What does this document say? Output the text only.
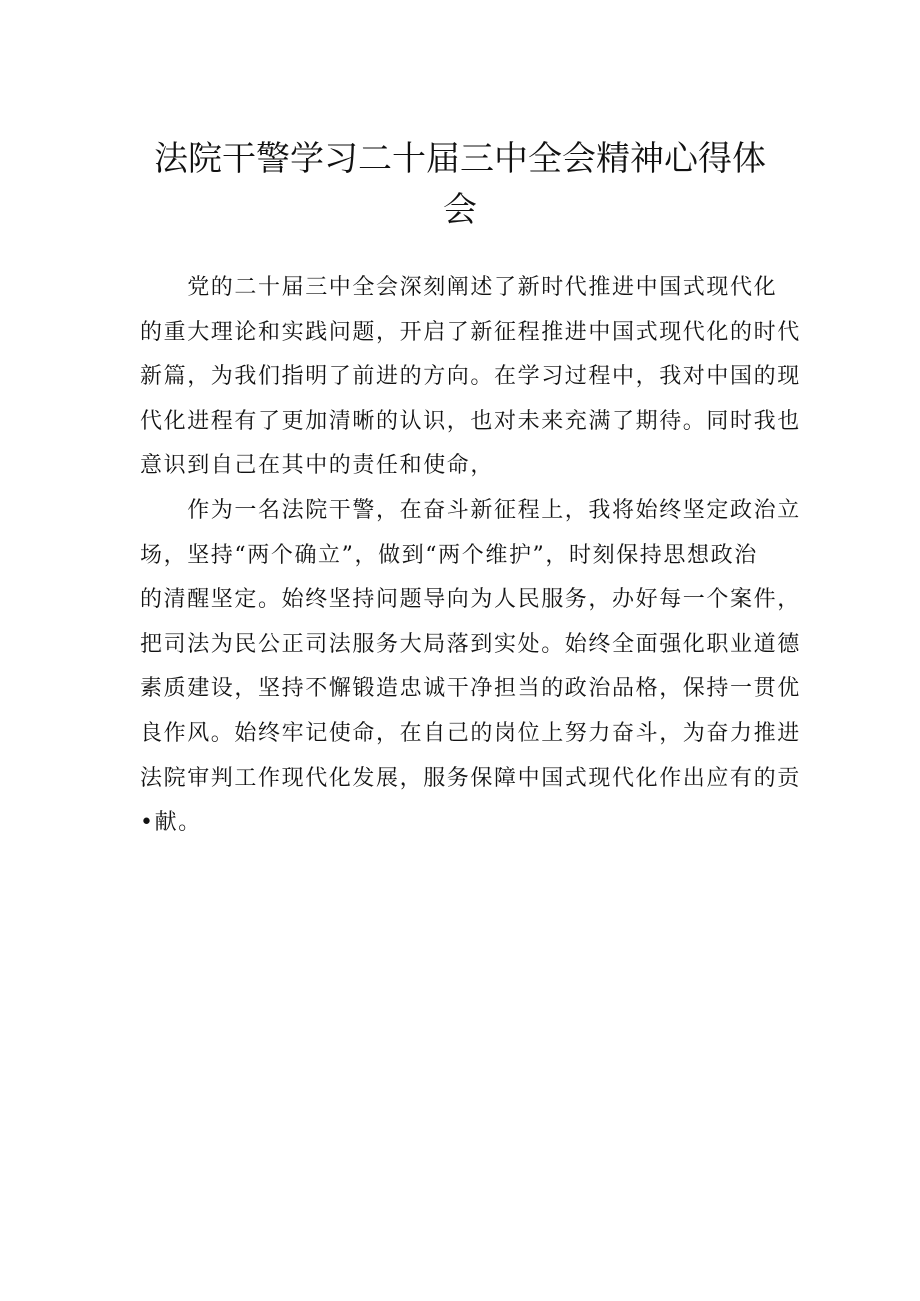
法院干警学习二十届三中全会精神心得体
会

　　党的二十届三中全会深刻阐述了新时代推进中国式现代化
的重大理论和实践问题，开启了新征程推进中国式现代化的时代
新篇，为我们指明了前进的方向。在学习过程中，我对中国的现
代化进程有了更加清晰的认识，也对未来充满了期待。同时我也
意识到自己在其中的责任和使命，

　　作为一名法院干警，在奋斗新征程上，我将始终坚定政治立
场，坚持“两个确立”，做到“两个维护”，时刻保持思想政治
的清醒坚定。始终坚持问题导向为人民服务，办好每一个案件，
把司法为民公正司法服务大局落到实处。始终全面强化职业道德
素质建设，坚持不懈锻造忠诚干净担当的政治品格，保持一贯优
良作风。始终牢记使命，在自己的岗位上努力奋斗，为奋力推进
法院审判工作现代化发展，服务保障中国式现代化作出应有的贡
•献。
